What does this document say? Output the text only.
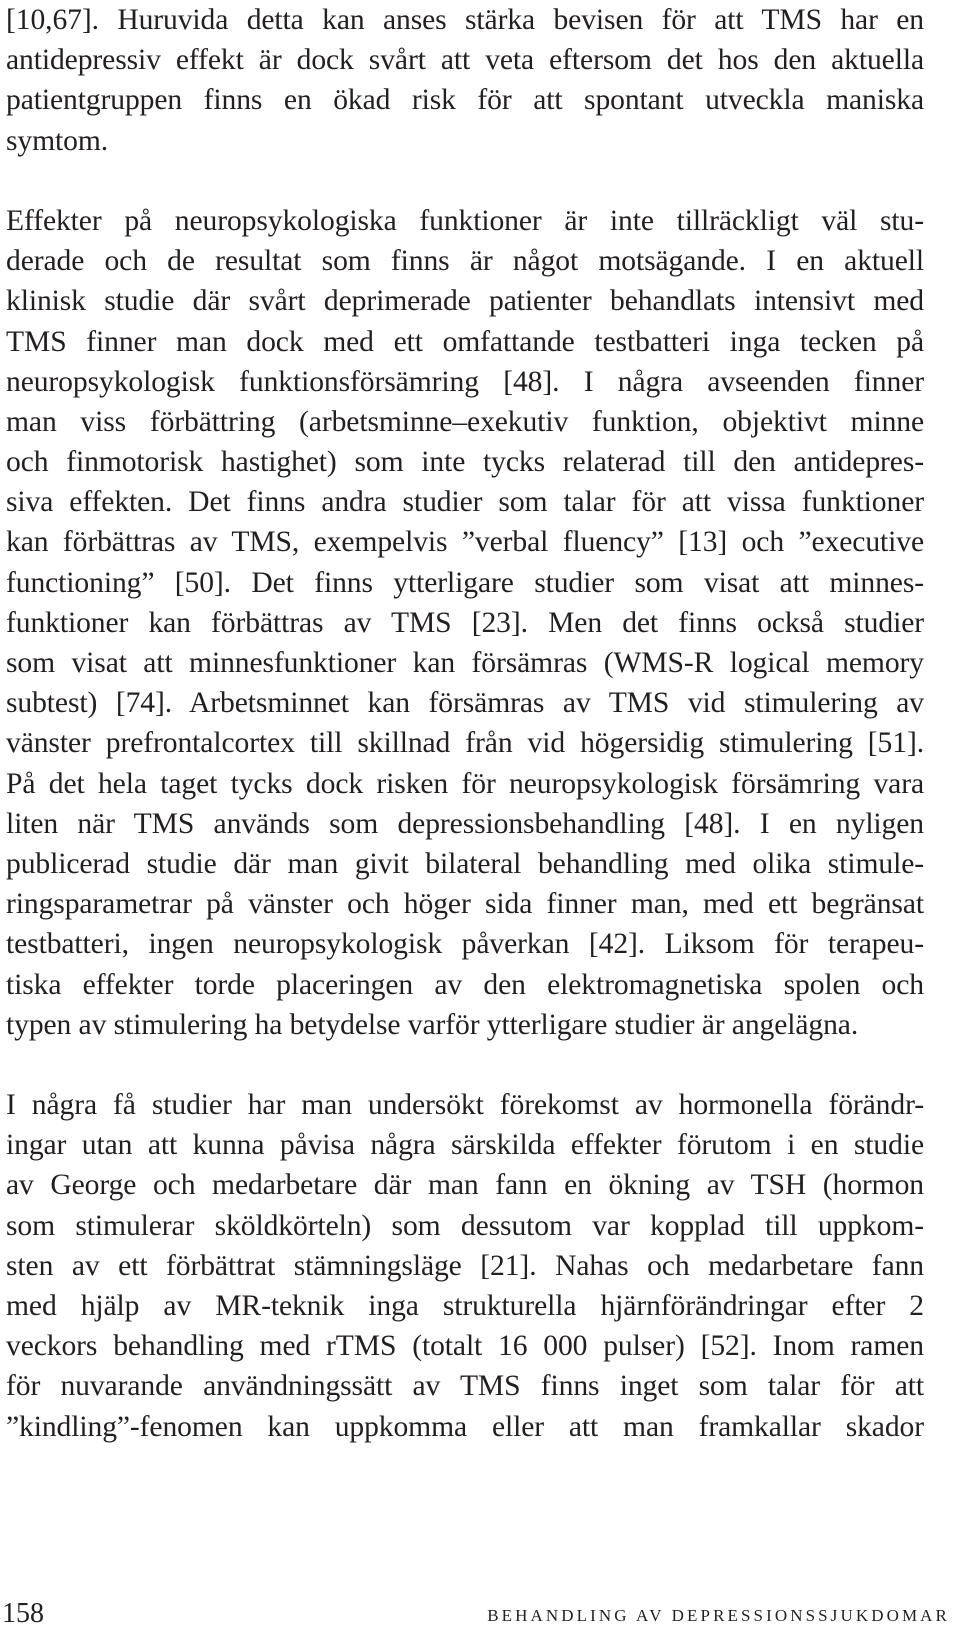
[10,67]. Huruvida detta kan anses stärka bevisen för att TMS har en
antidepressiv effekt är dock svårt att veta eftersom det hos den aktuella
patientgruppen finns en ökad risk för att spontant utveckla maniska
symtom.
Effekter på neuropsykologiska funktioner är inte tillräckligt väl stu-
derade och de resultat som finns är något motsägande. I en aktuell
klinisk studie där svårt deprimerade patienter behandlats intensivt med
TMS finner man dock med ett omfattande testbatteri inga tecken på
neuropsykologisk funktionsförsämring [48]. I några avseenden finner
man viss förbättring (arbetsminne–exekutiv funktion, objektivt minne
och finmotorisk hastighet) som inte tycks relaterad till den antidepres-
siva effekten. Det finns andra studier som talar för att vissa funktioner
kan förbättras av TMS, exempelvis ”verbal fluency” [13] och ”executive
functioning” [50]. Det finns ytterligare studier som visat att minnes-
funktioner kan förbättras av TMS [23]. Men det finns också studier
som visat att minnesfunktioner kan försämras (WMS-R logical memory
subtest) [74]. Arbetsminnet kan försämras av TMS vid stimulering av
vänster prefrontalcortex till skillnad från vid högersidig stimulering [51].
På det hela taget tycks dock risken för neuropsykologisk försämring vara
liten när TMS används som depressionsbehandling [48]. I en nyligen
publicerad studie där man givit bilateral behandling med olika stimule-
ringsparametrar på vänster och höger sida finner man, med ett begränsat
testbatteri, ingen neuropsykologisk påverkan [42]. Liksom för terapeu-
tiska effekter torde placeringen av den elektromagnetiska spolen och
typen av stimulering ha betydelse varför ytterligare studier är angelägna.
I några få studier har man undersökt förekomst av hormonella förändr-
ingar utan att kunna påvisa några särskilda effekter förutom i en studie
av George och medarbetare där man fann en ökning av TSH (hormon
som stimulerar sköldkörteln) som dessutom var kopplad till uppkom-
sten av ett förbättrat stämningsläge [21]. Nahas och medarbetare fann
med hjälp av MR-teknik inga strukturella hjärnförändringar efter 2
veckors behandling med rTMS (totalt 16 000 pulser) [52]. Inom ramen
för nuvarande användningssätt av TMS finns inget som talar för att
”kindling”-fenomen kan uppkomma eller att man framkallar skador
158	BEHANDLING AV DEPRESSIONSSJUKDOMAR
